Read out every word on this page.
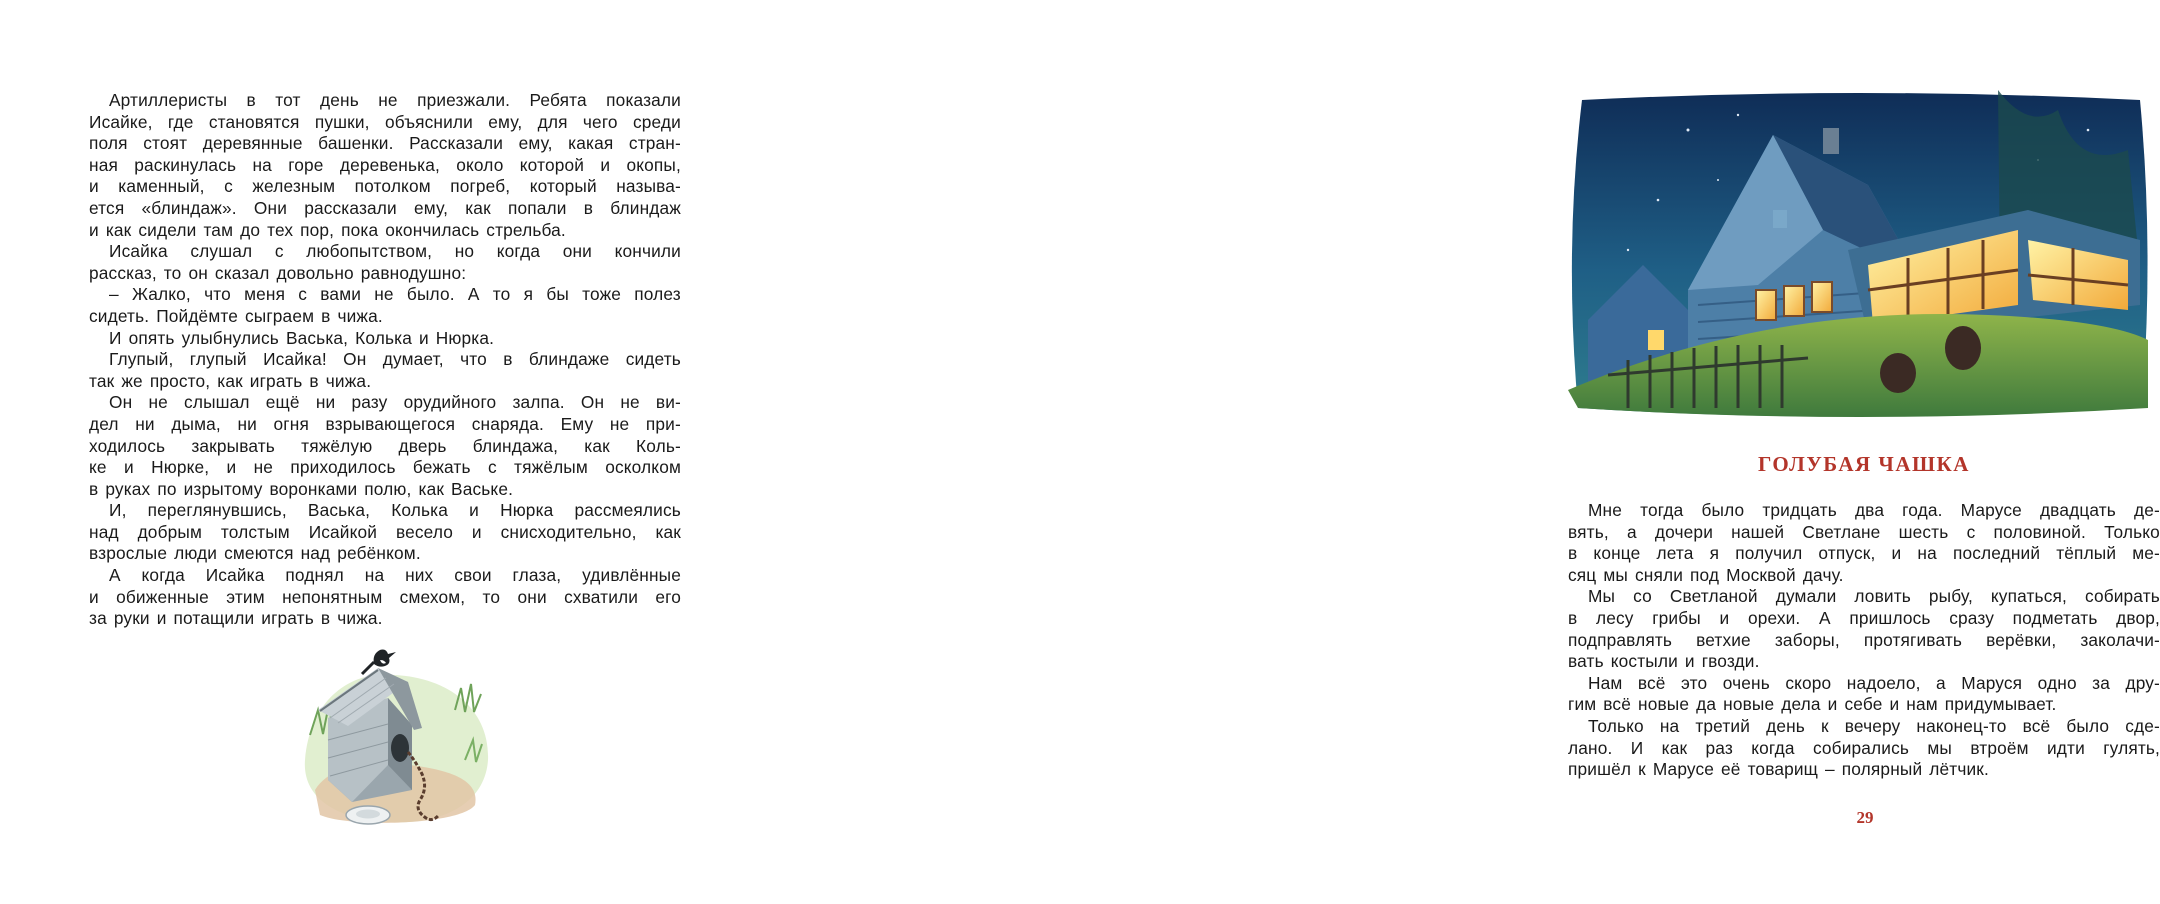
Артиллеристы в тот день не приезжали. Ребята показали
Исайке, где становятся пушки, объяснили ему, для чего среди
поля стоят деревянные башенки. Рассказали ему, какая стран-
ная раскинулась на горе деревенька, около которой и окопы,
и каменный, с железным потолком погреб, который называ-
ется «блиндаж». Они рассказали ему, как попали в блиндаж
и как сидели там до тех пор, пока окончилась стрельба.
Исайка слушал с любопытством, но когда они кончили
рассказ, то он сказал довольно равнодушно:
– Жалко, что меня с вами не было. А то я бы тоже полез
сидеть. Пойдёмте сыграем в чижа.
И опять улыбнулись Васька, Колька и Нюрка.
Глупый, глупый Исайка! Он думает, что в блиндаже сидеть
так же просто, как играть в чижа.
Он не слышал ещё ни разу орудийного залпа. Он не ви-
дел ни дыма, ни огня взрывающегося снаряда. Ему не при-
ходилось закрывать тяжёлую дверь блиндажа, как Коль-
ке и Нюрке, и не приходилось бежать с тяжёлым осколком
в руках по изрытому воронками полю, как Ваське.
И, переглянувшись, Васька, Колька и Нюрка рассмеялись
над добрым толстым Исайкой весело и снисходительно, как
взрослые люди смеются над ребёнком.
А когда Исайка поднял на них свои глаза, удивлённые
и обиженные этим непонятным смехом, то они схватили его
за руки и потащили играть в чижа.
ГОЛУБАЯ ЧАШКА
Мне тогда было тридцать два года. Марусе двадцать де-
вять, а дочери нашей Светлане шесть с половиной. Только
в конце лета я получил отпуск, и на последний тёплый ме-
сяц мы сняли под Москвой дачу.
Мы со Светланой думали ловить рыбу, купаться, собирать
в лесу грибы и орехи. А пришлось сразу подметать двор,
подправлять ветхие заборы, протягивать верёвки, заколачи-
вать костыли и гвозди.
Нам всё это очень скоро надоело, а Маруся одно за дру-
гим всё новые да новые дела и себе и нам придумывает.
Только на третий день к вечеру наконец-то всё было сде-
лано. И как раз когда собирались мы втроём идти гулять,
пришёл к Марусе её товарищ – полярный лётчик.
29
